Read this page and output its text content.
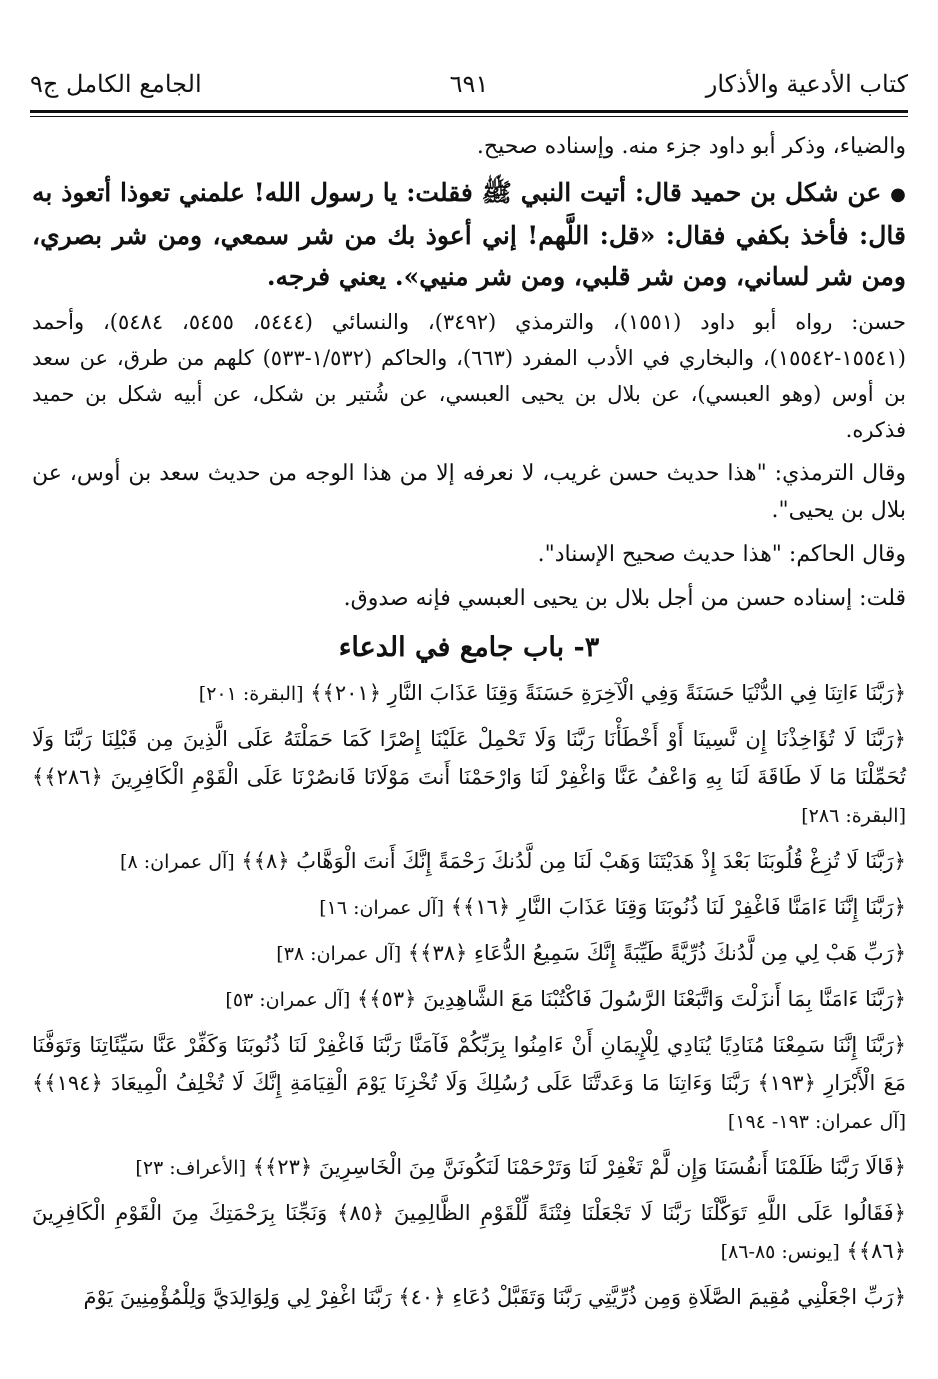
كتاب الأدعية والأذكار
٦٩١
الجامع الكامل ج٩

والضياء، وذكر أبو داود جزء منه. وإسناده صحيح.

● عن شكل بن حميد قال: أتيت النبي ﷺ فقلت: يا رسول الله! علمني تعوذا أتعوذ به قال: فأخذ بكفي فقال: «قل: اللَّهم! إني أعوذ بك من شر سمعي، ومن شر بصري، ومن شر لساني، ومن شر قلبي، ومن شر منيي». يعني فرجه.

حسن: رواه أبو داود (١٥٥١)، والترمذي (٣٤٩٢)، والنسائي (٥٤٤٤، ٥٤٥٥، ٥٤٨٤)، وأحمد (١٥٥٤١-١٥٥٤٢)، والبخاري في الأدب المفرد (٦٦٣)، والحاكم (١/٥٣٢-٥٣٣) كلهم من طرق، عن سعد بن أوس (وهو العبسي)، عن بلال بن يحيى العبسي، عن شُتير بن شكل، عن أبيه شكل بن حميد فذكره.

وقال الترمذي: "هذا حديث حسن غريب، لا نعرفه إلا من هذا الوجه من حديث سعد بن أوس، عن بلال بن يحيى".

وقال الحاكم: "هذا حديث صحيح الإسناد".

قلت: إسناده حسن من أجل بلال بن يحيى العبسي فإنه صدوق.

٣- باب جامع في الدعاء

﴿رَبَّنَا ءَاتِنَا فِي الدُّنْيَا حَسَنَةً وَفِي الْآخِرَةِ حَسَنَةً وَقِنَا عَذَابَ النَّارِ ﴿٢٠١﴾﴾ [البقرة: ٢٠١]

﴿رَبَّنَا لَا تُؤَاخِذْنَا إِن نَّسِينَا أَوْ أَخْطَأْنَا رَبَّنَا وَلَا تَحْمِلْ عَلَيْنَا إِصْرًا كَمَا حَمَلْتَهُ عَلَى الَّذِينَ مِن قَبْلِنَا رَبَّنَا وَلَا تُحَمِّلْنَا مَا لَا طَاقَةَ لَنَا بِهِ وَاعْفُ عَنَّا وَاغْفِرْ لَنَا وَارْحَمْنَا أَنتَ مَوْلَانَا فَانصُرْنَا عَلَى الْقَوْمِ الْكَافِرِينَ ﴿٢٨٦﴾﴾ [البقرة: ٢٨٦]

﴿رَبَّنَا لَا تُزِغْ قُلُوبَنَا بَعْدَ إِذْ هَدَيْتَنَا وَهَبْ لَنَا مِن لَّدُنكَ رَحْمَةً إِنَّكَ أَنتَ الْوَهَّابُ ﴿٨﴾﴾ [آل عمران: ٨]

﴿رَبَّنَا إِنَّنَا ءَامَنَّا فَاغْفِرْ لَنَا ذُنُوبَنَا وَقِنَا عَذَابَ النَّارِ ﴿١٦﴾﴾ [آل عمران: ١٦]

﴿رَبِّ هَبْ لِي مِن لَّدُنكَ ذُرِّيَّةً طَيِّبَةً إِنَّكَ سَمِيعُ الدُّعَاءِ ﴿٣٨﴾﴾ [آل عمران: ٣٨]

﴿رَبَّنَا ءَامَنَّا بِمَا أَنزَلْتَ وَاتَّبَعْنَا الرَّسُولَ فَاكْتُبْنَا مَعَ الشَّاهِدِينَ ﴿٥٣﴾﴾ [آل عمران: ٥٣]

﴿رَبَّنَا إِنَّنَا سَمِعْنَا مُنَادِيًا يُنَادِي لِلْإِيمَانِ أَنْ ءَامِنُوا بِرَبِّكُمْ فَآمَنَّا رَبَّنَا فَاغْفِرْ لَنَا ذُنُوبَنَا وَكَفِّرْ عَنَّا سَيِّئَاتِنَا وَتَوَفَّنَا مَعَ الْأَبْرَارِ ﴿١٩٣﴾ رَبَّنَا وَءَاتِنَا مَا وَعَدتَّنَا عَلَى رُسُلِكَ وَلَا تُخْزِنَا يَوْمَ الْقِيَامَةِ إِنَّكَ لَا تُخْلِفُ الْمِيعَادَ ﴿١٩٤﴾﴾ [آل عمران: ١٩٣- ١٩٤]

﴿قَالَا رَبَّنَا ظَلَمْنَا أَنفُسَنَا وَإِن لَّمْ تَغْفِرْ لَنَا وَتَرْحَمْنَا لَنَكُونَنَّ مِنَ الْخَاسِرِينَ ﴿٢٣﴾﴾ [الأعراف: ٢٣]

﴿فَقَالُوا عَلَى اللَّهِ تَوَكَّلْنَا رَبَّنَا لَا تَجْعَلْنَا فِتْنَةً لِّلْقَوْمِ الظَّالِمِينَ ﴿٨٥﴾ وَنَجِّنَا بِرَحْمَتِكَ مِنَ الْقَوْمِ الْكَافِرِينَ ﴿٨٦﴾﴾ [يونس: ٨٥-٨٦]

﴿رَبِّ اجْعَلْنِي مُقِيمَ الصَّلَاةِ وَمِن ذُرِّيَّتِي رَبَّنَا وَتَقَبَّلْ دُعَاءِ ﴿٤٠﴾ رَبَّنَا اغْفِرْ لِي وَلِوَالِدَيَّ وَلِلْمُؤْمِنِينَ يَوْمَ
